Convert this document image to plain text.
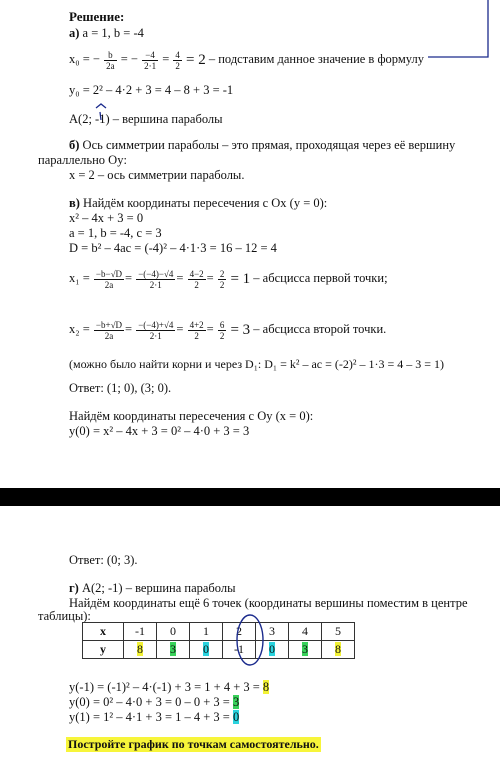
Решение:
а) a = 1, b = -4
x₀ = − $\frac{b}{2a}$ = − $\frac{-4}{2\cdot 1} = \frac{4}{2} = 2$ – подставим данное значение в формулу
y₀ = 2² – 4·2 + 3 = 4 – 8 + 3 = -1
A(2; -1) – вершина параболы
б) Ось симметрии параболы – это прямая, проходящая через её вершину
параллельно Oy:
x = 2 – ось симметрии параболы.
в) Найдём координаты пересечения с Ox (y = 0):
x² – 4x + 3 = 0
a = 1, b = -4, c = 3
D = b² – 4ac = (-4)² – 4·1·3 = 16 – 12 = 4
$x_1 = \frac{-b-√D}{2a} = \frac{-(-4)-√4}{2\cdot 1} = \frac{4-2}{2} = \frac{2}{2} = 1$ – абсцисса первой точки;
$x_2 = \frac{-b+√D}{2a} = \frac{-(-4)+√4}{2\cdot 1} = \frac{4+2}{2} = \frac{6}{2} = 3$ – абсцисса второй точки.
(можно было найти корни и через D₁: D₁ = k² – ac = (-2)² – 1·3 = 4 – 3 = 1)
Ответ: (1; 0), (3; 0).
Найдём координаты пересечения с Oy (x = 0):
y(0) = x² – 4x + 3 = 0² – 4·0 + 3 = 3
Ответ: (0; 3).
г) A(2; -1) – вершина параболы
Найдём координаты ещё 6 точек (координаты вершины поместим в центре
таблицы):
x	-1	0	1	2	3	4	5
y	8	3	0	-1	0	3	8
y(-1) = (-1)² – 4·(-1) + 3 = 1 + 4 + 3 = 8
y(0) = 0² – 4·0 + 3 = 0 – 0 + 3 = 3
y(1) = 1² – 4·1 + 3 = 1 – 4 + 3 = 0
Постройте график по точкам самостоятельно.
